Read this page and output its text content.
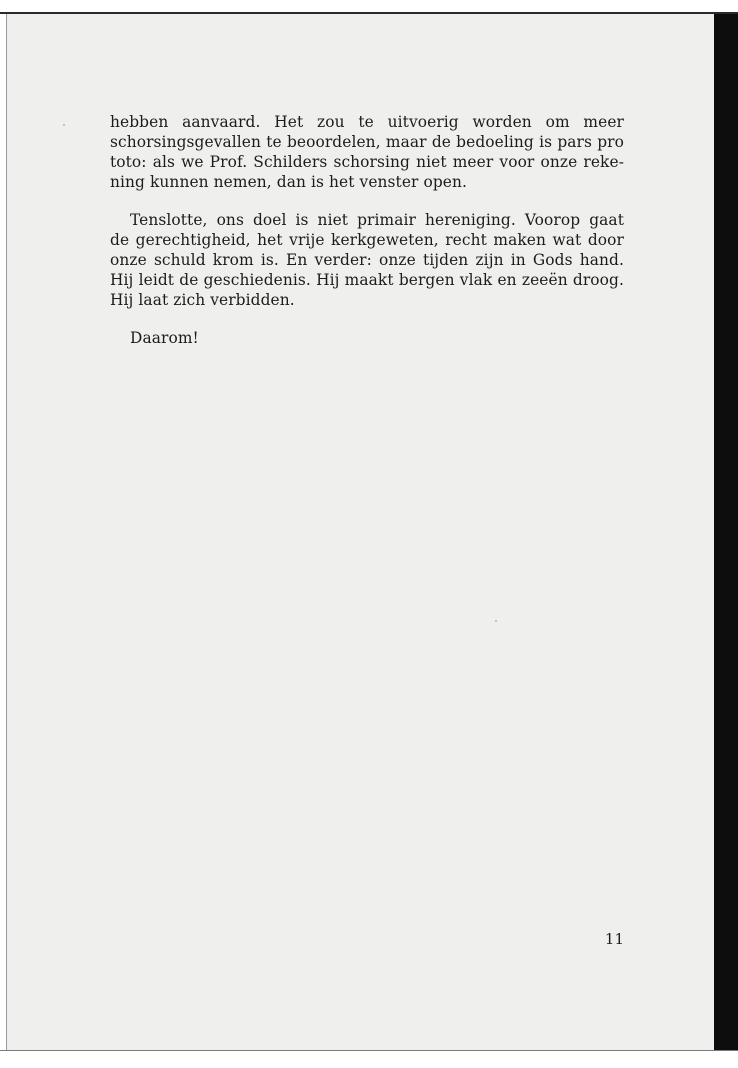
hebben aanvaard. Het zou te uitvoerig worden om meer
schorsingsgevallen te beoordelen, maar de bedoeling is pars pro
toto: als we Prof. Schilders schorsing niet meer voor onze reke-
ning kunnen nemen, dan is het venster open.

Tenslotte, ons doel is niet primair hereniging. Voorop gaat
de gerechtigheid, het vrije kerkgeweten, recht maken wat door
onze schuld krom is. En verder: onze tijden zijn in Gods hand.
Hij leidt de geschiedenis. Hij maakt bergen vlak en zeeën droog.
Hij laat zich verbidden.

Daarom!

11
